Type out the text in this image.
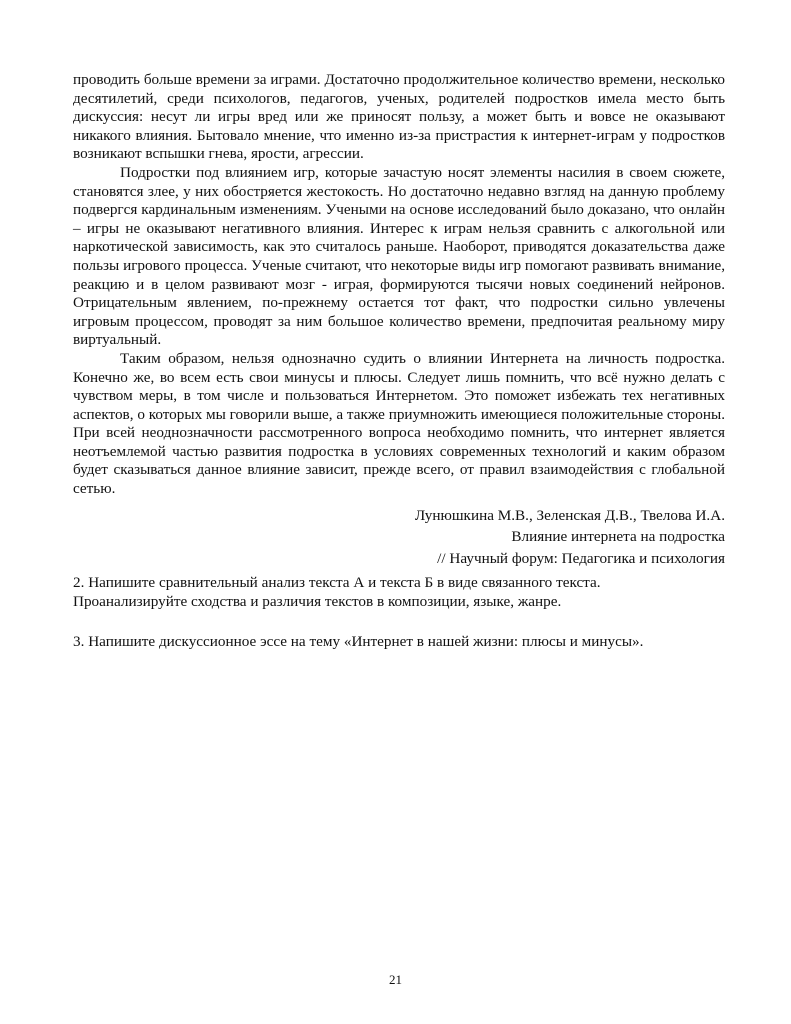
проводить больше времени за играми. Достаточно продолжительное количество времени, несколько десятилетий, среди психологов, педагогов, ученых, родителей подростков имела место быть дискуссия: несут ли игры вред или же приносят пользу, а может быть и вовсе не оказывают никакого влияния. Бытовало мнение, что именно из-за пристрастия к интернет-играм у подростков возникают вспышки гнева, ярости, агрессии.

Подростки под влиянием игр, которые зачастую носят элементы насилия в своем сюжете, становятся злее, у них обостряется жестокость. Но достаточно недавно взгляд на данную проблему подвергся кардинальным изменениям. Учеными на основе исследований было доказано, что онлайн – игры не оказывают негативного влияния. Интерес к играм нельзя сравнить с алкогольной или наркотической зависимость, как это считалось раньше. Наоборот, приводятся доказательства даже пользы игрового процесса. Ученые считают, что некоторые виды игр помогают развивать внимание, реакцию и в целом развивают мозг - играя, формируются тысячи новых соединений нейронов. Отрицательным явлением, по-прежнему остается тот факт, что подростки сильно увлечены игровым процессом, проводят за ним большое количество времени, предпочитая реальному миру виртуальный.

Таким образом, нельзя однозначно судить о влиянии Интернета на личность подростка. Конечно же, во всем есть свои минусы и плюсы. Следует лишь помнить, что всё нужно делать с чувством меры, в том числе и пользоваться Интернетом. Это поможет избежать тех негативных аспектов, о которых мы говорили выше, а также приумножить имеющиеся положительные стороны. При всей неоднозначности рассмотренного вопроса необходимо помнить, что интернет является неотъемлемой частью развития подростка в условиях современных технологий и каким образом будет сказываться данное влияние зависит, прежде всего, от правил взаимодействия с глобальной сетью.

Лунюшкина М.В., Зеленская Д.В., Твелова И.А.
Влияние интернета на подростка
// Научный форум: Педагогика и психология
2. Напишите сравнительный анализ текста А и текста Б в виде связанного текста.
Проанализируйте сходства и различия текстов в композиции, языке, жанре.
3. Напишите дискуссионное эссе на тему «Интернет в нашей жизни: плюсы и минусы».
21
